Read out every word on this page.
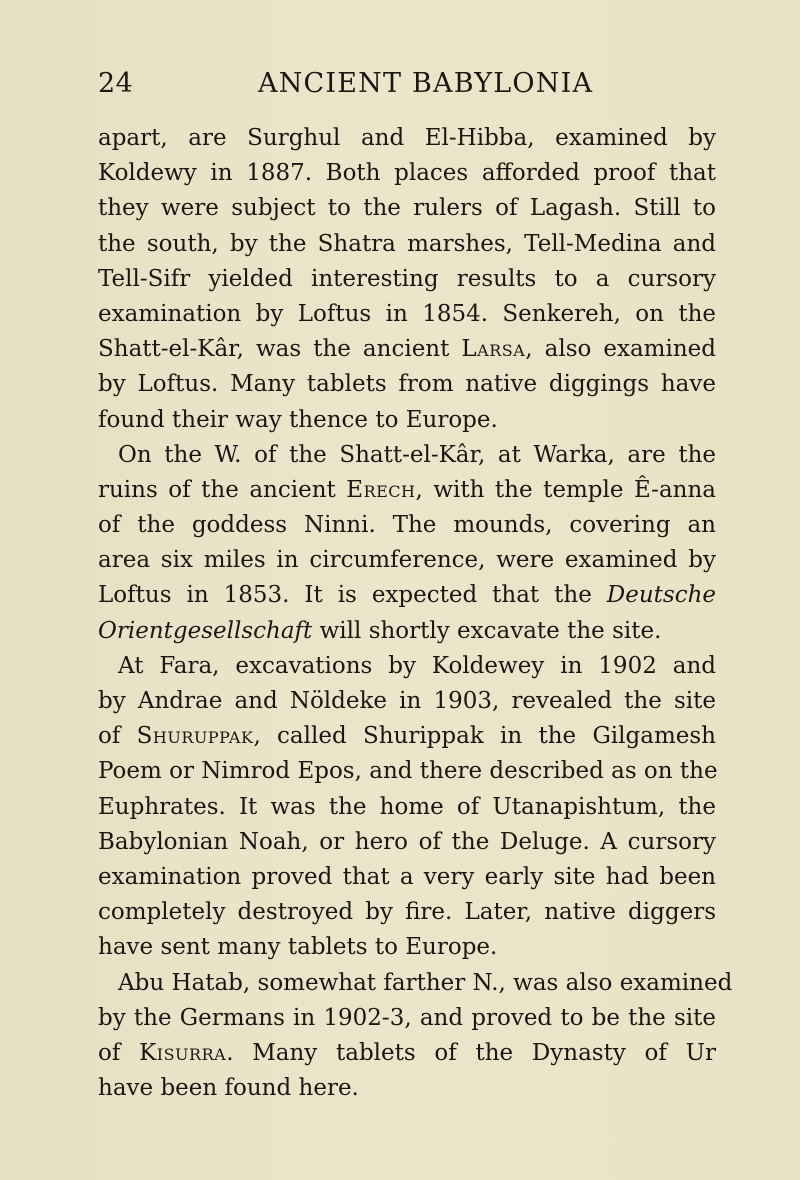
24	ANCIENT BABYLONIA
apart, are Surghul and El-Hibba, examined by
Koldewy in 1887. Both places afforded proof that
they were subject to the rulers of Lagash. Still to
the south, by the Shatra marshes, Tell-Medina and
Tell-Sifr yielded interesting results to a cursory
examination by Loftus in 1854. Senkereh, on the
Shatt-el-Kâr, was the ancient Larsa, also examined
by Loftus. Many tablets from native diggings have
found their way thence to Europe.
On the W. of the Shatt-el-Kâr, at Warka, are the
ruins of the ancient Erech, with the temple Ê-anna
of the goddess Ninni. The mounds, covering an
area six miles in circumference, were examined by
Loftus in 1853. It is expected that the Deutsche
Orientgesellschaft will shortly excavate the site.
At Fara, excavations by Koldewey in 1902 and
by Andrae and Nöldeke in 1903, revealed the site
of Shuruppak, called Shurippak in the Gilgamesh
Poem or Nimrod Epos, and there described as on the
Euphrates. It was the home of Utanapishtum, the
Babylonian Noah, or hero of the Deluge. A cursory
examination proved that a very early site had been
completely destroyed by fire. Later, native diggers
have sent many tablets to Europe.
Abu Hatab, somewhat farther N., was also examined
by the Germans in 1902-3, and proved to be the site
of Kisurra. Many tablets of the Dynasty of Ur
have been found here.
